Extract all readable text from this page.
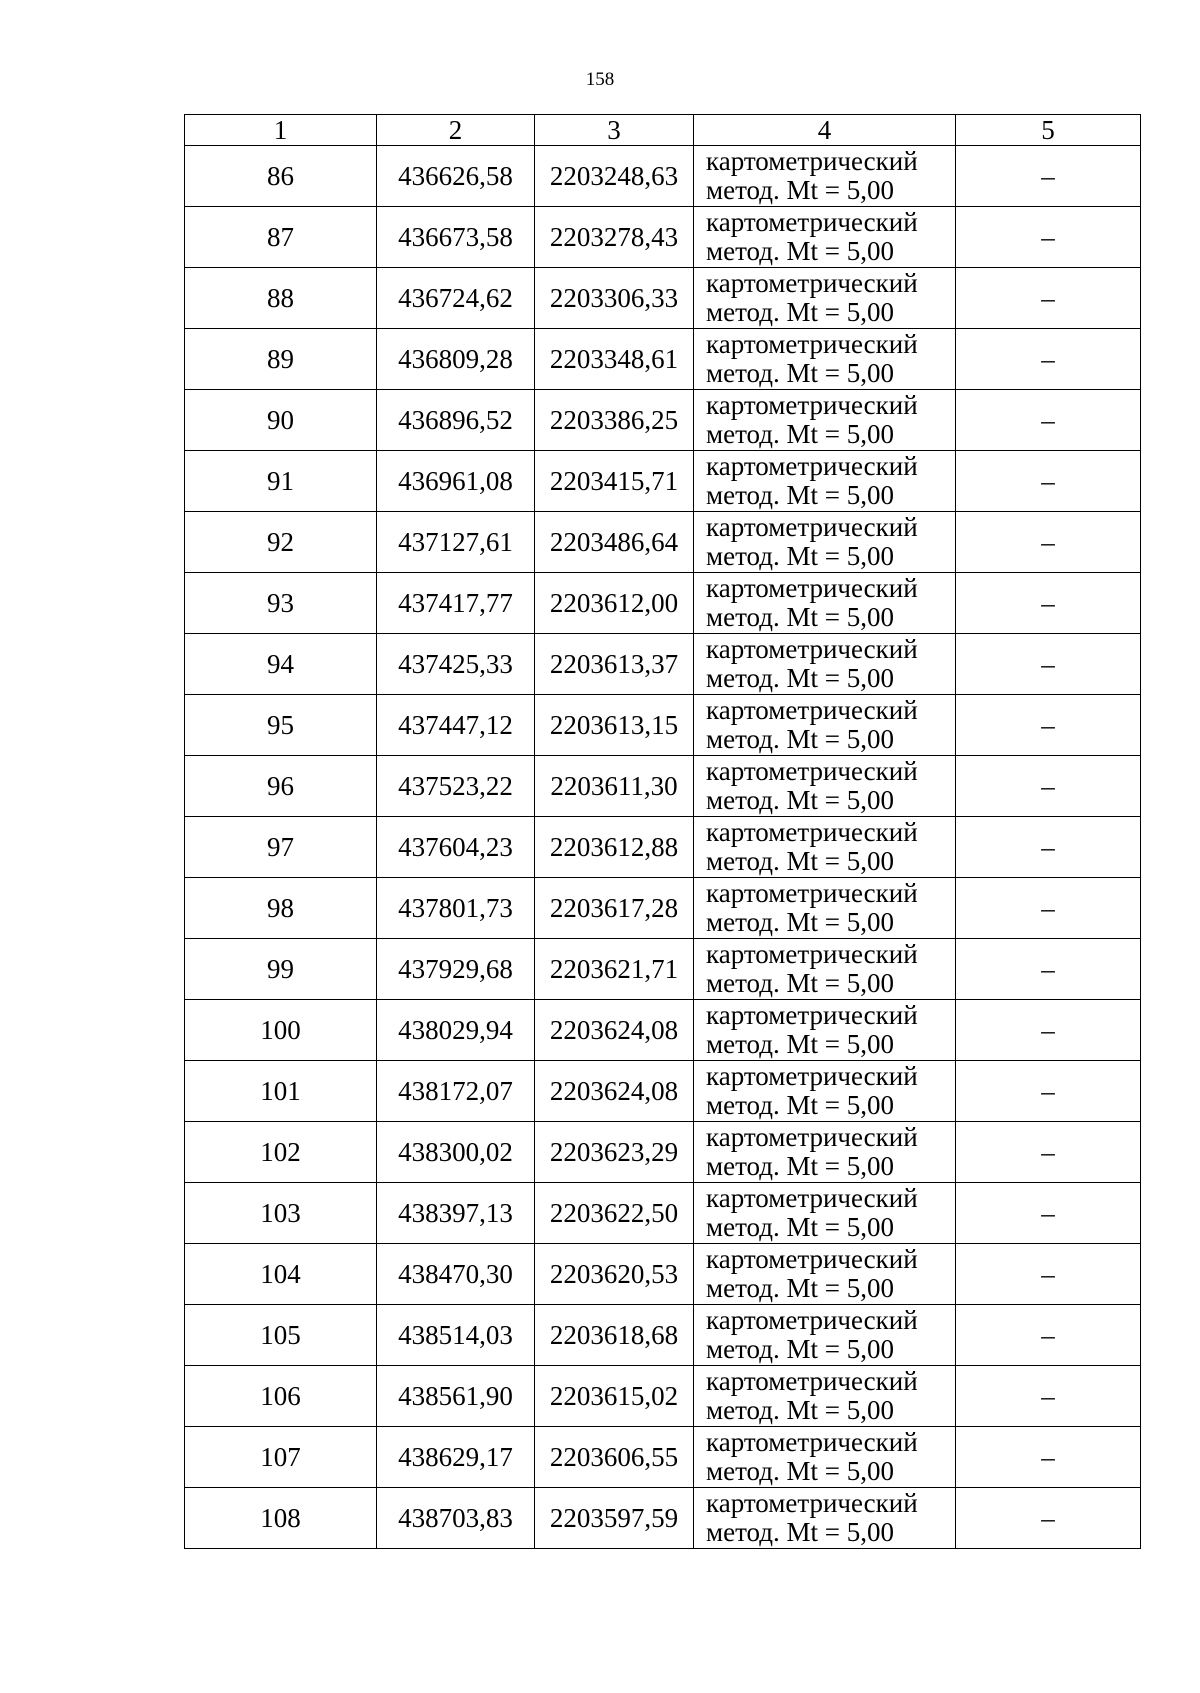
158
1	2	3	4	5
86	436626,58	2203248,63	картометрический
метод. Mt = 5,00	–
87	436673,58	2203278,43	картометрический
метод. Mt = 5,00	–
88	436724,62	2203306,33	картометрический
метод. Mt = 5,00	–
89	436809,28	2203348,61	картометрический
метод. Mt = 5,00	–
90	436896,52	2203386,25	картометрический
метод. Mt = 5,00	–
91	436961,08	2203415,71	картометрический
метод. Mt = 5,00	–
92	437127,61	2203486,64	картометрический
метод. Mt = 5,00	–
93	437417,77	2203612,00	картометрический
метод. Mt = 5,00	–
94	437425,33	2203613,37	картометрический
метод. Mt = 5,00	–
95	437447,12	2203613,15	картометрический
метод. Mt = 5,00	–
96	437523,22	2203611,30	картометрический
метод. Mt = 5,00	–
97	437604,23	2203612,88	картометрический
метод. Mt = 5,00	–
98	437801,73	2203617,28	картометрический
метод. Mt = 5,00	–
99	437929,68	2203621,71	картометрический
метод. Mt = 5,00	–
100	438029,94	2203624,08	картометрический
метод. Mt = 5,00	–
101	438172,07	2203624,08	картометрический
метод. Mt = 5,00	–
102	438300,02	2203623,29	картометрический
метод. Mt = 5,00	–
103	438397,13	2203622,50	картометрический
метод. Mt = 5,00	–
104	438470,30	2203620,53	картометрический
метод. Mt = 5,00	–
105	438514,03	2203618,68	картометрический
метод. Mt = 5,00	–
106	438561,90	2203615,02	картометрический
метод. Mt = 5,00	–
107	438629,17	2203606,55	картометрический
метод. Mt = 5,00	–
108	438703,83	2203597,59	картометрический
метод. Mt = 5,00	–
